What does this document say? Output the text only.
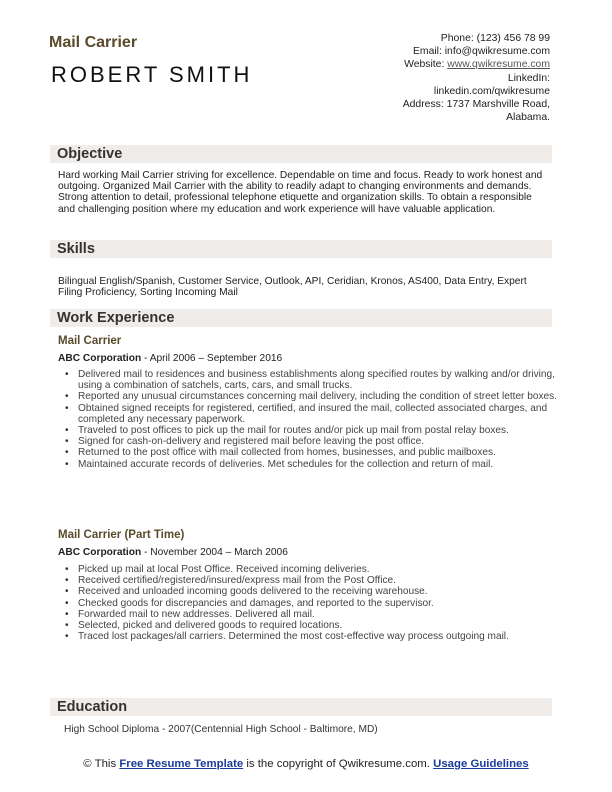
Mail Carrier
ROBERT SMITH
Phone: (123) 456 78 99
Email: info@qwikresume.com
Website: www.qwikresume.com
LinkedIn:
linkedin.com/qwikresume
Address: 1737 Marshville Road,
Alabama.
Objective
Hard working Mail Carrier striving for excellence. Dependable on time and focus. Ready to work honest and outgoing. Organized Mail Carrier with the ability to readily adapt to changing environments and demands. Strong attention to detail, professional telephone etiquette and organization skills. To obtain a responsible and challenging position where my education and work experience will have valuable application.
Skills
Bilingual English/Spanish, Customer Service, Outlook, API, Ceridian, Kronos, AS400, Data Entry, Expert Filing Proficiency, Sorting Incoming Mail
Work Experience
Mail Carrier
ABC Corporation - April 2006 – September 2016
• Delivered mail to residences and business establishments along specified routes by walking and/or driving, using a combination of satchels, carts, cars, and small trucks.
• Reported any unusual circumstances concerning mail delivery, including the condition of street letter boxes.
• Obtained signed receipts for registered, certified, and insured the mail, collected associated charges, and completed any necessary paperwork.
• Traveled to post offices to pick up the mail for routes and/or pick up mail from postal relay boxes.
• Signed for cash-on-delivery and registered mail before leaving the post office.
• Returned to the post office with mail collected from homes, businesses, and public mailboxes.
• Maintained accurate records of deliveries. Met schedules for the collection and return of mail.
Mail Carrier (Part Time)
ABC Corporation - November 2004 – March 2006
• Picked up mail at local Post Office. Received incoming deliveries.
• Received certified/registered/insured/express mail from the Post Office.
• Received and unloaded incoming goods delivered to the receiving warehouse.
• Checked goods for discrepancies and damages, and reported to the supervisor.
• Forwarded mail to new addresses. Delivered all mail.
• Selected, picked and delivered goods to required locations.
• Traced lost packages/all carriers. Determined the most cost-effective way process outgoing mail.
Education
High School Diploma - 2007(Centennial High School - Baltimore, MD)
© This Free Resume Template is the copyright of Qwikresume.com. Usage Guidelines
